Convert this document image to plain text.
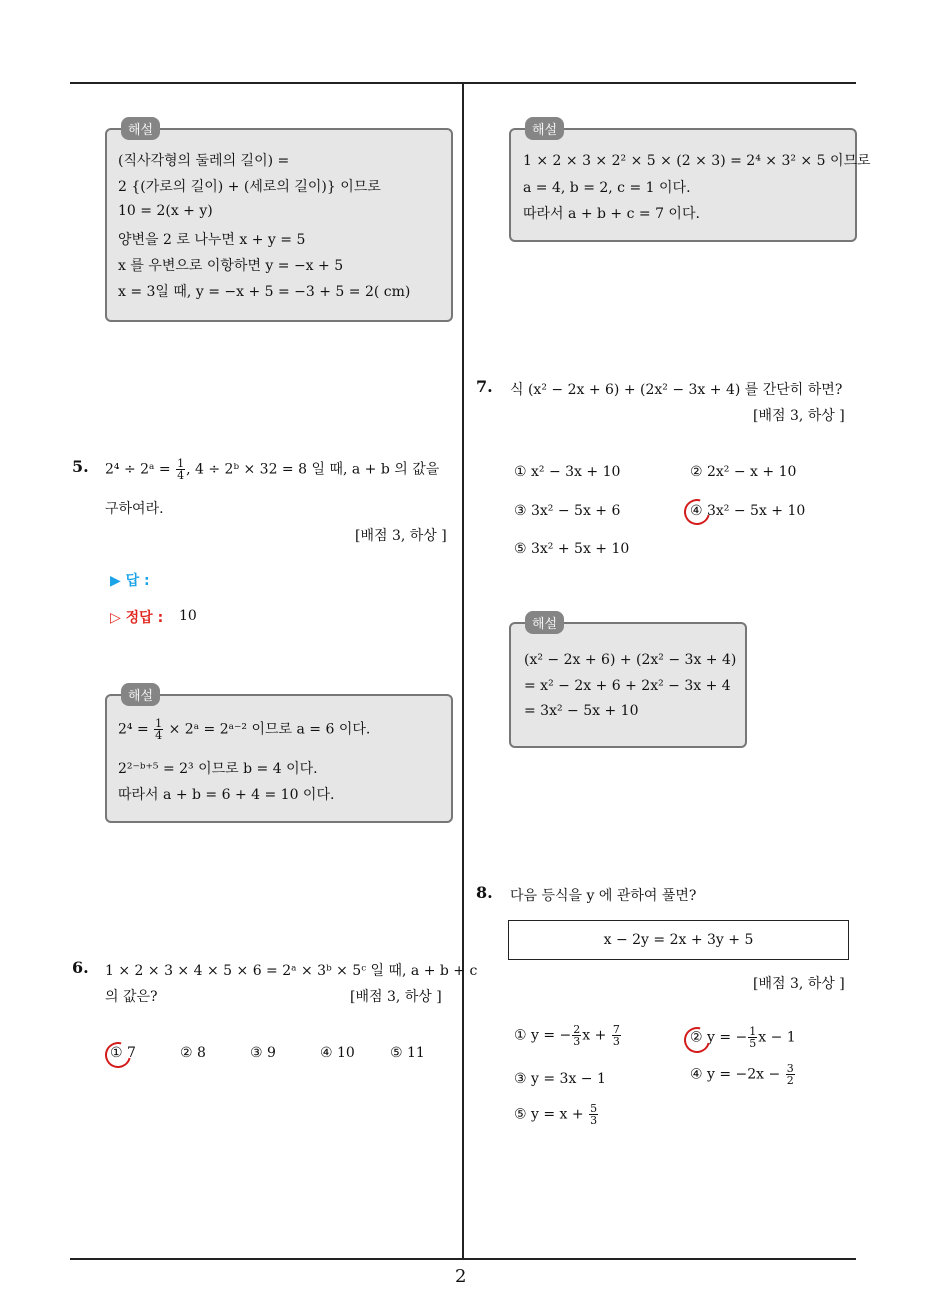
2
해설
(직사각형의 둘레의 길이) =
2 {(가로의 길이) + (세로의 길이)} 이므로
10 = 2(x + y)
양변을 2 로 나누면 x + y = 5
x 를 우변으로 이항하면 y = −x + 5
x = 3일 때, y = −x + 5 = −3 + 5 = 2( cm)
5. 2⁴ ÷ 2ᵃ = $\frac{1}{4}$ , 4 ÷ 2ᵇ × 32 = 8 일 때, a + b 의 값을
구하여라.
[배점 3, 하상 ]
▶ 답 :
▷ 정답 : 10
해설
$2^4 = \frac{1}{4}$ × 2ᵃ = 2ᵃ⁻² 이므로 a = 6 이다.
2²⁻ᵇ⁺⁵ = 2³ 이므로 b = 4 이다.
따라서 a + b = 6 + 4 = 10 이다.
6. 1 × 2 × 3 × 4 × 5 × 6 = 2ᵃ × 3ᵇ × 5ᶜ 일 때, a + b + c
의 값은?	[배점 3, 하상 ]
① 7	② 8	③ 9	④ 10	⑤ 11
해설
1 × 2 × 3 × 2² × 5 × (2 × 3) = 2⁴ × 3² × 5 이므로
a = 4, b = 2, c = 1 이다.
따라서 a + b + c = 7 이다.
7. 식 (x² − 2x + 6) + (2x² − 3x + 4) 를 간단히 하면?
[배점 3, 하상 ]
① x² − 3x + 10	② 2x² − x + 10
③ 3x² − 5x + 6	④ 3x² − 5x + 10
⑤ 3x² + 5x + 10
해설
(x² − 2x + 6) + (2x² − 3x + 4)
= x² − 2x + 6 + 2x² − 3x + 4
= 3x² − 5x + 10
8. 다음 등식을 y 에 관하여 풀면?
x − 2y = 2x + 3y + 5
[배점 3, 하상 ]
① y = − $\frac{2}{3}$ $x + \frac{7}{3}$	② y = − $\frac{1}{5}$ x − 1
③ y = 3x − 1	④ $y = -2x - \frac{3}{2}$
⑤ $y = x + \frac{5}{3}$
